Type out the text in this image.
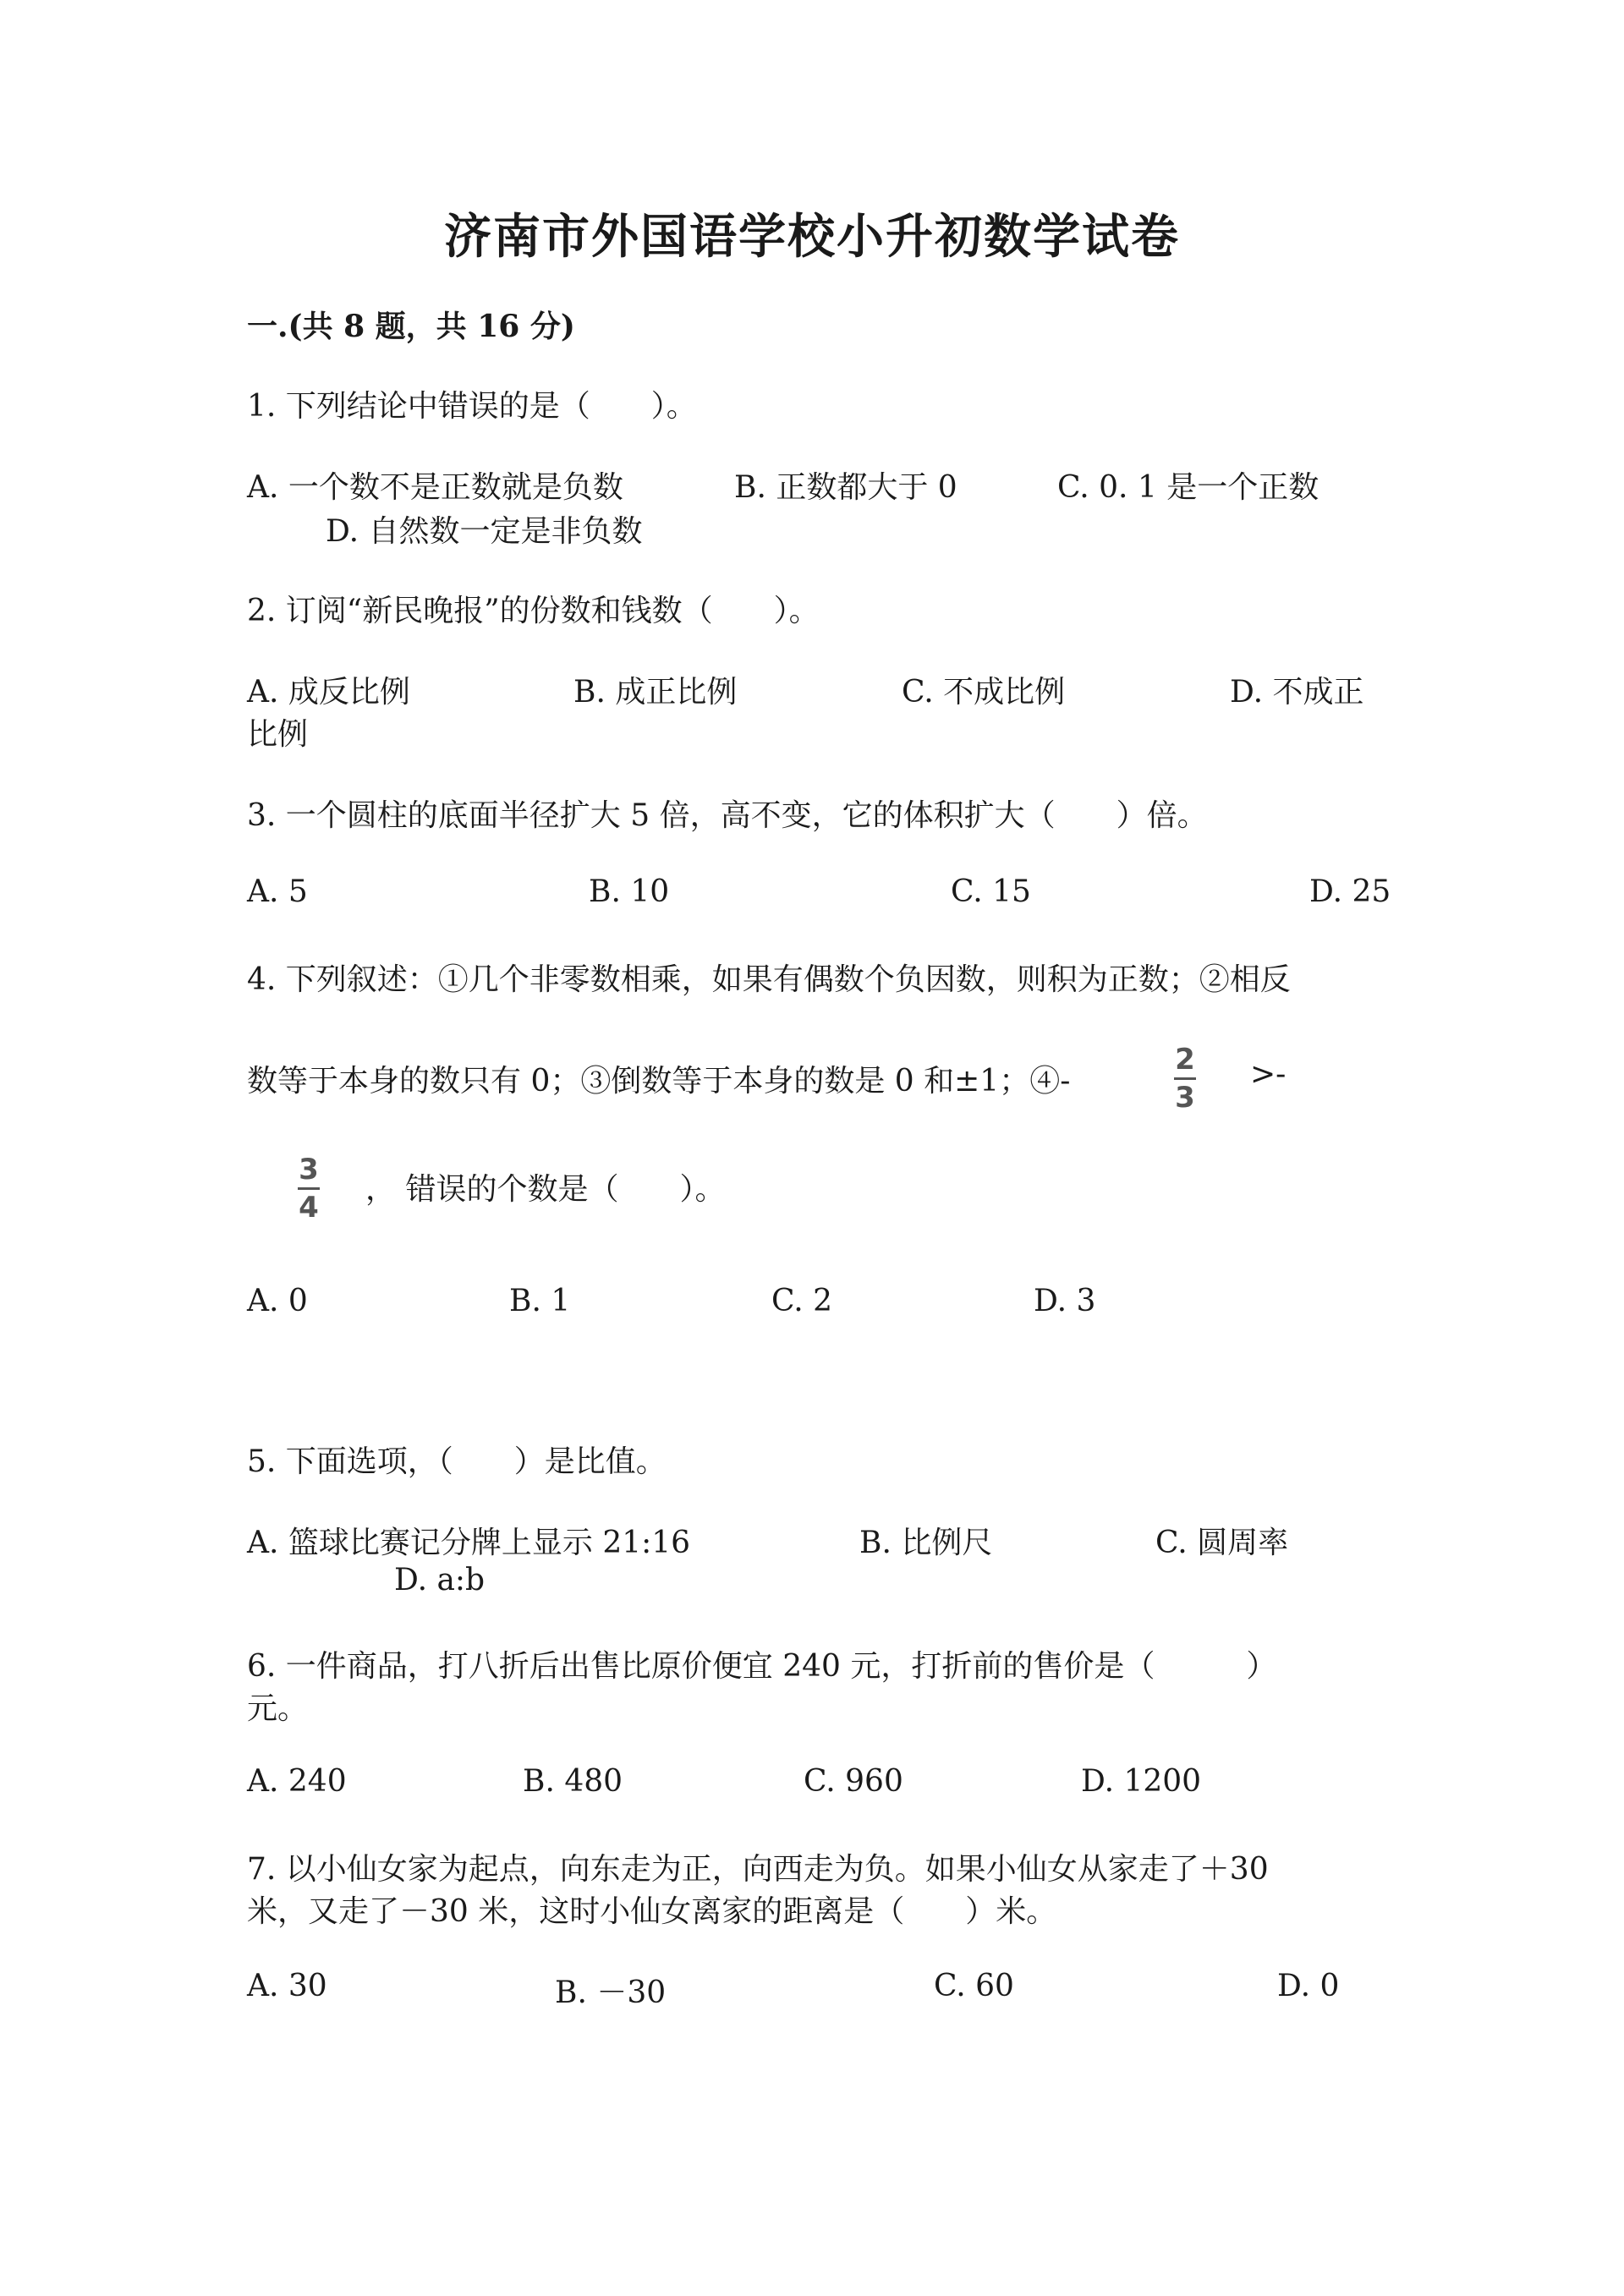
济南市外国语学校小升初数学试卷
一.(共 8 题，共 16 分)
1. 下列结论中错误的是（　　）。
A. 一个数不是正数就是负数	B. 正数都大于 0	C. 0. 1 是一个正数
D. 自然数一定是非负数
2. 订阅“新民晚报”的份数和钱数（　　）。
A. 成反比例	B. 成正比例	C. 不成比例	D. 不成正
比例
3. 一个圆柱的底面半径扩大 5 倍，高不变，它的体积扩大（　　）倍。
A. 5	B. 10	C. 15	D. 25
4. 下列叙述：①几个非零数相乘，如果有偶数个负因数，则积为正数；②相反
数等于本身的数只有 0；③倒数等于本身的数是 0 和±1；④-
2
3
>-
3
4
， 错误的个数是（　　）。
A. 0	B. 1	C. 2	D. 3
5. 下面选项，（　　）是比值。
A. 篮球比赛记分牌上显示 21:16	B. 比例尺	C. 圆周率
D. a:b
6. 一件商品，打八折后出售比原价便宜 240 元，打折前的售价是（　　　）
元。
A. 240	B. 480	C. 960	D. 1200
7. 以小仙女家为起点，向东走为正，向西走为负。如果小仙女从家走了＋30
米，又走了－30 米，这时小仙女离家的距离是（　　）米。
A. 30	B. －30	C. 60	D. 0
